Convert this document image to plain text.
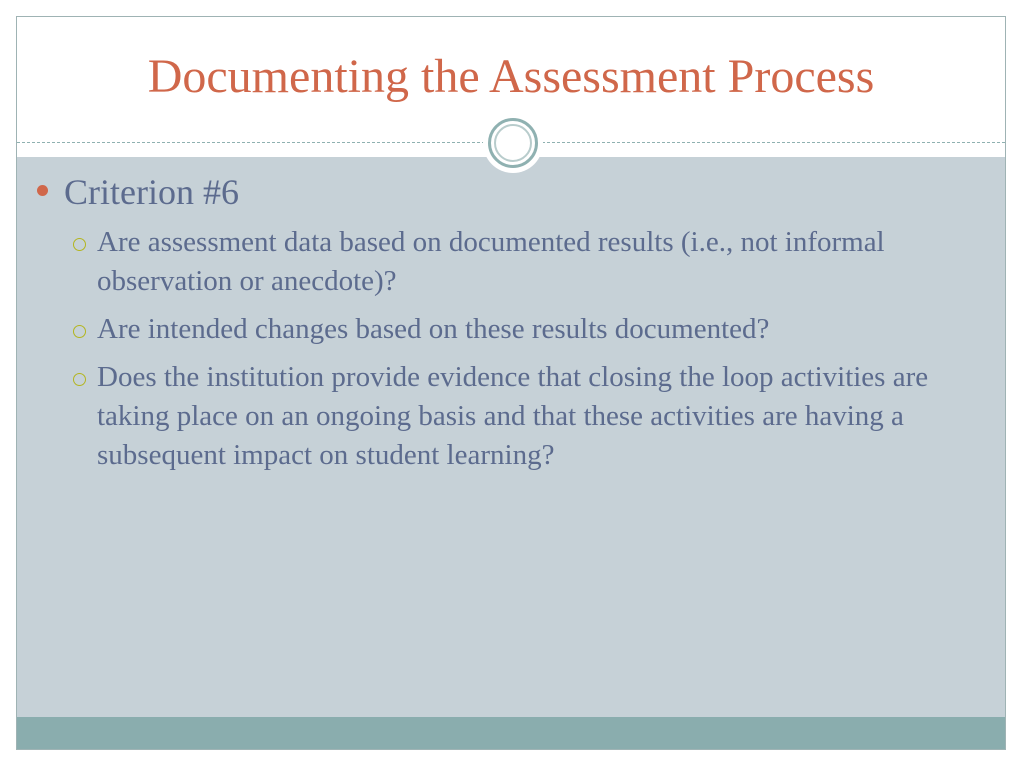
Documenting the Assessment Process
Criterion #6
Are assessment data based on documented results (i.e., not informal observation or anecdote)?
Are intended changes based on these results documented?
Does the institution provide evidence that closing the loop activities are taking place on an ongoing basis and that these activities are having a subsequent impact on student learning?
